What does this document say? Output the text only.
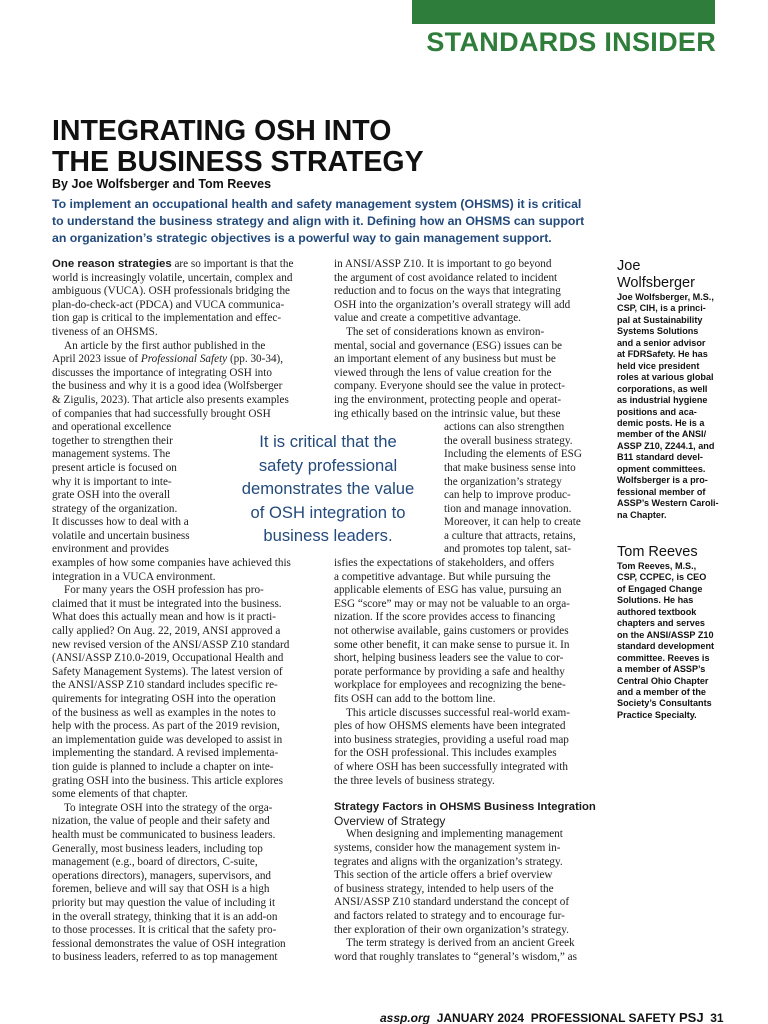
STANDARDS INSIDER
INTEGRATING OSH INTO
THE BUSINESS STRATEGY
By Joe Wolfsberger and Tom Reeves
To implement an occupational health and safety management system (OHSMS) it is critical
to understand the business strategy and align with it. Defining how an OHSMS can support
an organization’s strategic objectives is a powerful way to gain management support.
One reason strategies are so important is that the
world is increasingly volatile, uncertain, complex and
ambiguous (VUCA). OSH professionals bridging the
plan-do-check-act (PDCA) and VUCA communica-
tion gap is critical to the implementation and effec-
tiveness of an OHSMS.
An article by the first author published in the
April 2023 issue of Professional Safety (pp. 30-34),
discusses the importance of integrating OSH into
the business and why it is a good idea (Wolfsberger
& Zigulis, 2023). That article also presents examples
of companies that had successfully brought OSH
and operational excellence
together to strengthen their
management systems. The
present article is focused on
why it is important to inte-
grate OSH into the overall
strategy of the organization.
It discusses how to deal with a
volatile and uncertain business
environment and provides
examples of how some companies have achieved this
integration in a VUCA environment.
For many years the OSH profession has pro-
claimed that it must be integrated into the business.
What does this actually mean and how is it practi-
cally applied? On Aug. 22, 2019, ANSI approved a
new revised version of the ANSI/ASSP Z10 standard
(ANSI/ASSP Z10.0-2019, Occupational Health and
Safety Management Systems). The latest version of
the ANSI/ASSP Z10 standard includes specific re-
quirements for integrating OSH into the operation
of the business as well as examples in the notes to
help with the process. As part of the 2019 revision,
an implementation guide was developed to assist in
implementing the standard. A revised implementa-
tion guide is planned to include a chapter on inte-
grating OSH into the business. This article explores
some elements of that chapter.
To integrate OSH into the strategy of the orga-
nization, the value of people and their safety and
health must be communicated to business leaders.
Generally, most business leaders, including top
management (e.g., board of directors, C-suite,
operations directors), managers, supervisors, and
foremen, believe and will say that OSH is a high
priority but may question the value of including it
in the overall strategy, thinking that it is an add-on
to those processes. It is critical that the safety pro-
fessional demonstrates the value of OSH integration
to business leaders, referred to as top management
It is critical that the
safety professional
demonstrates the value
of OSH integration to
business leaders.
in ANSI/ASSP Z10. It is important to go beyond
the argument of cost avoidance related to incident
reduction and to focus on the ways that integrating
OSH into the organization’s overall strategy will add
value and create a competitive advantage.
The set of considerations known as environ-
mental, social and governance (ESG) issues can be
an important element of any business but must be
viewed through the lens of value creation for the
company. Everyone should see the value in protect-
ing the environment, protecting people and operat-
ing ethically based on the intrinsic value, but these
actions can also strengthen
the overall business strategy.
Including the elements of ESG
that make business sense into
the organization’s strategy
can help to improve produc-
tion and manage innovation.
Moreover, it can help to create
a culture that attracts, retains,
and promotes top talent, sat-
isfies the expectations of stakeholders, and offers
a competitive advantage. But while pursuing the
applicable elements of ESG has value, pursuing an
ESG “score” may or may not be valuable to an orga-
nization. If the score provides access to financing
not otherwise available, gains customers or provides
some other benefit, it can make sense to pursue it. In
short, helping business leaders see the value to cor-
porate performance by providing a safe and healthy
workplace for employees and recognizing the bene-
fits OSH can add to the bottom line.
This article discusses successful real-world exam-
ples of how OHSMS elements have been integrated
into business strategies, providing a useful road map
for the OSH professional. This includes examples
of where OSH has been successfully integrated with
the three levels of business strategy.
Strategy Factors in OHSMS Business Integration
Overview of Strategy
When designing and implementing management
systems, consider how the management system in-
tegrates and aligns with the organization’s strategy.
This section of the article offers a brief overview
of business strategy, intended to help users of the
ANSI/ASSP Z10 standard understand the concept of
and factors related to strategy and to encourage fur-
ther exploration of their own organization’s strategy.
The term strategy is derived from an ancient Greek
word that roughly translates to “general’s wisdom,” as
Joe
Wolfsberger
Joe Wolfsberger, M.S.,
CSP, CIH, is a princi-
pal at Sustainability
Systems Solutions
and a senior advisor
at FDRSafety. He has
held vice president
roles at various global
corporations, as well
as industrial hygiene
positions and aca-
demic posts. He is a
member of the ANSI/
ASSP Z10, Z244.1, and
B11 standard devel-
opment committees.
Wolfsberger is a pro-
fessional member of
ASSP’s Western Caroli-
na Chapter.
Tom Reeves
Tom Reeves, M.S.,
CSP, CCPEC, is CEO
of Engaged Change
Solutions. He has
authored textbook
chapters and serves
on the ANSI/ASSP Z10
standard development
committee. Reeves is
a member of ASSP’s
Central Ohio Chapter
and a member of the
Society’s Consultants
Practice Specialty.
assp.org JANUARY 2024 PROFESSIONAL SAFETY PSJ 31
